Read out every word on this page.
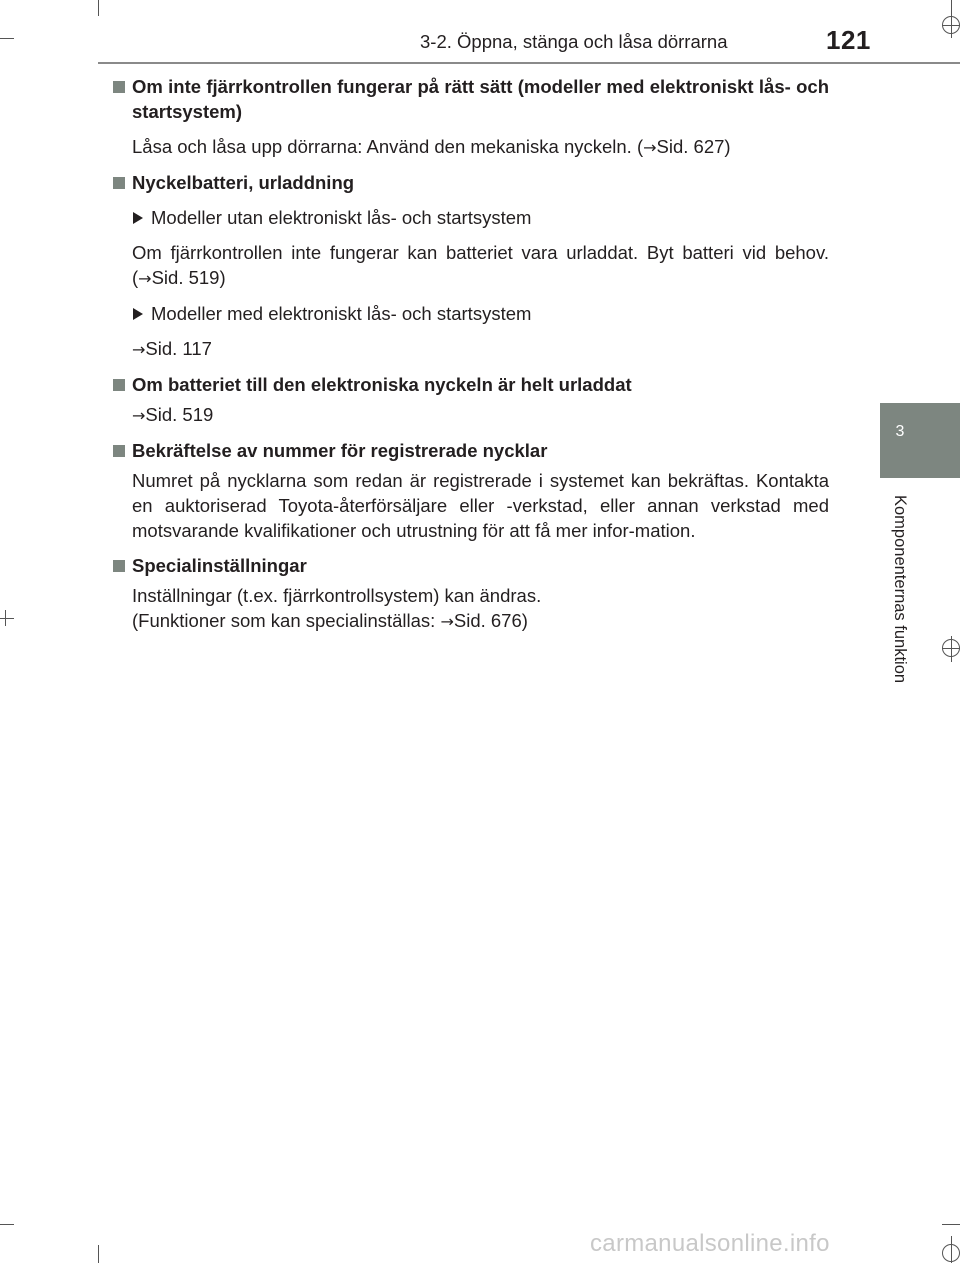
3-2. Öppna, stänga och låsa dörrarna	121
3
Komponenternas funktion

Om inte fjärrkontrollen fungerar på rätt sätt (modeller med elektroniskt lås- och startsystem)

Låsa och låsa upp dörrarna: Använd den mekaniska nyckeln. (→Sid. 627)

Nyckelbatteri, urladdning

Modeller utan elektroniskt lås- och startsystem

Om fjärrkontrollen inte fungerar kan batteriet vara urladdat. Byt batteri vid behov. (→Sid. 519)

Modeller med elektroniskt lås- och startsystem

→Sid. 117

Om batteriet till den elektroniska nyckeln är helt urladdat

→Sid. 519

Bekräftelse av nummer för registrerade nycklar

Numret på nycklarna som redan är registrerade i systemet kan bekräftas. Kontakta en auktoriserad Toyota-återförsäljare eller -verkstad, eller annan verkstad med motsvarande kvalifikationer och utrustning för att få mer infor-mation.

Specialinställningar

Inställningar (t.ex. fjärrkontrollsystem) kan ändras.

(Funktioner som kan specialinställas: →Sid. 676)

carmanualsonline.info
